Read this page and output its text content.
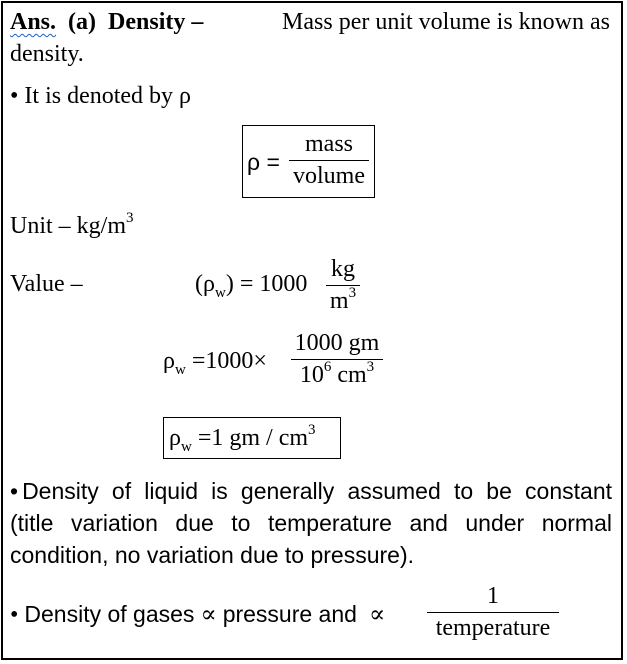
Ans. (a) Density –	Mass per unit volume is known as
density.
• It is denoted by ρ
ρ =
mass
volume
Unit – $kg/m^3$
Value –	$(\rho_w) = 1000$
kg
$m^3$
$\rho_w =1000\times$
1000 gm
$10^6$ $cm^3$
$\rho_w =1$ gm / $cm^3$
• Density of liquid is generally assumed to be constant
(title variation due to temperature and under normal
condition, no variation due to pressure).
• Density of gases ∝ pressure and ∝
1
temperature
